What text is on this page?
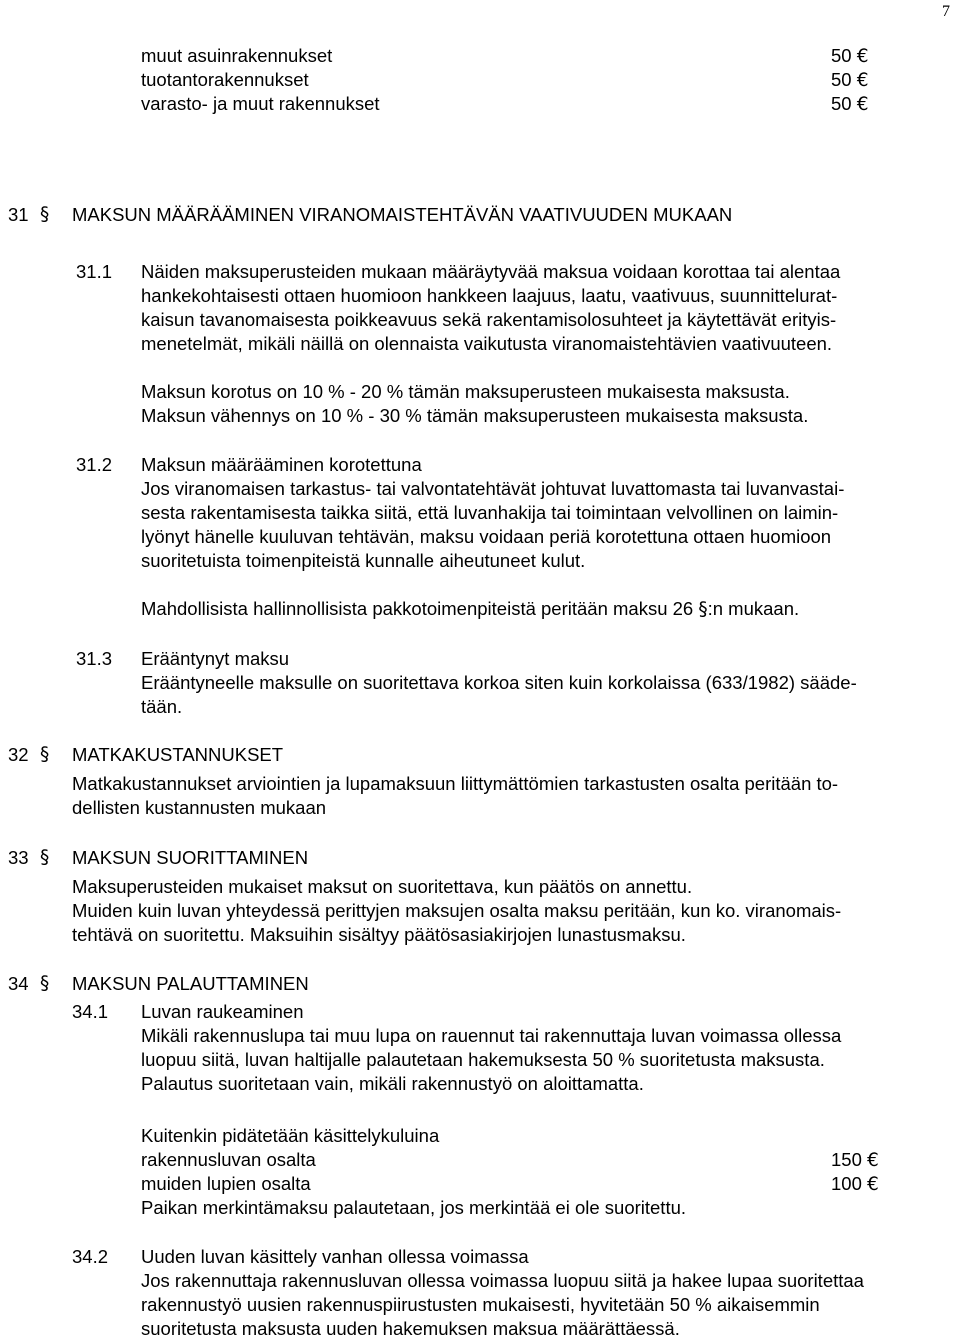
7
muut asuinrakennukset	50 €
tuotantorakennukset	50 €
varasto- ja muut rakennukset	50 €
31 § MAKSUN MÄÄRÄÄMINEN VIRANOMAISTEHTÄVÄN VAATIVUUDEN MUKAAN
31.1 Näiden maksuperusteiden mukaan määräytyvää maksua voidaan korottaa tai alentaa
hankekohtaisesti ottaen huomioon hankkeen laajuus, laatu, vaativuus, suunnittelurat-
kaisun tavanomaisesta poikkeavuus sekä rakentamisolosuhteet ja käytettävät erityis-
menetelmät, mikäli näillä on olennaista vaikutusta viranomaistehtävien vaativuuteen.
Maksun korotus on 10 % - 20 % tämän maksuperusteen mukaisesta maksusta.
Maksun vähennys on 10 % - 30 % tämän maksuperusteen mukaisesta maksusta.
31.2 Maksun määrääminen korotettuna
Jos viranomaisen tarkastus- tai valvontatehtävät johtuvat luvattomasta tai luvanvastai-
sesta rakentamisesta taikka siitä, että luvanhakija tai toimintaan velvollinen on laimin-
lyönyt hänelle kuuluvan tehtävän, maksu voidaan periä korotettuna ottaen huomioon
suoritetuista toimenpiteistä kunnalle aiheutuneet kulut.
Mahdollisista hallinnollisista pakkotoimenpiteistä peritään maksu 26 §:n mukaan.
31.3 Erääntynyt maksu
Erääntyneelle maksulle on suoritettava korkoa siten kuin korkolaissa (633/1982) sääde-
tään.
32 § MATKAKUSTANNUKSET
Matkakustannukset arviointien ja lupamaksuun liittymättömien tarkastusten osalta peritään to-
dellisten kustannusten mukaan
33 § MAKSUN SUORITTAMINEN
Maksuperusteiden mukaiset maksut on suoritettava, kun päätös on annettu.
Muiden kuin luvan yhteydessä perittyjen maksujen osalta maksu peritään, kun ko. viranomais-
tehtävä on suoritettu. Maksuihin sisältyy päätösasiakirjojen lunastusmaksu.
34 § MAKSUN PALAUTTAMINEN
34.1 Luvan raukeaminen
Mikäli rakennuslupa tai muu lupa on rauennut tai rakennuttaja luvan voimassa ollessa
luopuu siitä, luvan haltijalle palautetaan hakemuksesta 50 % suoritetusta maksusta.
Palautus suoritetaan vain, mikäli rakennustyö on aloittamatta.
Kuitenkin pidätetään käsittelykuluina
rakennusluvan osalta	150 €
muiden lupien osalta	100 €
Paikan merkintämaksu palautetaan, jos merkintää ei ole suoritettu.
34.2 Uuden luvan käsittely vanhan ollessa voimassa
Jos rakennuttaja rakennusluvan ollessa voimassa luopuu siitä ja hakee lupaa suoritettaa
rakennustyö uusien rakennuspiirustusten mukaisesti, hyvitetään 50 % aikaisemmin
suoritetusta maksusta uuden hakemuksen maksua määrättäessä.
